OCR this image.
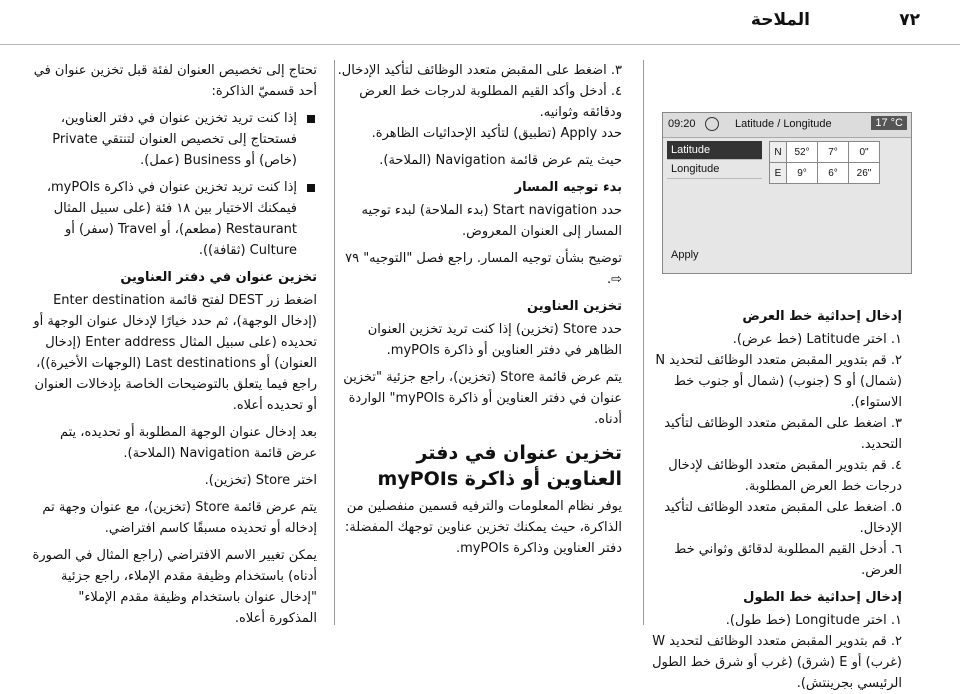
الملاحة	٧٢
09:20	Latitude / Longitude	17 °C
Latitude
Longitude
N	52°	7°	0"
E	9°	6°	26"
Apply
إدخال إحداثية خط العرض
١. اختر Latitude (خط عرض).
٢. قم بتدوير المقبض متعدد الوظائف لتحديد N (شمال) أو S (جنوب) (شمال أو جنوب خط الاستواء).
٣. اضغط على المقبض متعدد الوظائف لتأكيد التحديد.
٤. قم بتدوير المقبض متعدد الوظائف لإدخال درجات خط العرض المطلوبة.
٥. اضغط على المقبض متعدد الوظائف لتأكيد الإدخال.
٦. أدخل القيم المطلوبة لدقائق وثواني خط العرض.
إدخال إحداثية خط الطول
١. اختر Longitude (خط طول).
٢. قم بتدوير المقبض متعدد الوظائف لتحديد W (غرب) أو E (شرق) (غرب أو شرق خط الطول الرئيسي بجرينتش).
٣. اضغط على المقبض متعدد الوظائف لتأكيد الإدخال.
٤. أدخل وأكد القيم المطلوبة لدرجات خط العرض ودقائقه وثوانيه.

حدد Apply (تطبيق) لتأكيد الإحداثيات الظاهرة.

حيث يتم عرض قائمة Navigation (الملاحة).

بدء توجيه المسار

حدد Start navigation (بدء الملاحة) لبدء توجيه المسار إلى العنوان المعروض.

توضيح بشأن توجيه المسار. راجع فصل "التوجيه" ٧٩ ⇨.

تخزين العناوين

حدد Store (تخزين) إذا كنت تريد تخزين العنوان الظاهر في دفتر العناوين أو ذاكرة myPOIs.

يتم عرض قائمة Store (تخزين)، راجع جزئية "تخزين عنوان في دفتر العناوين أو ذاكرة myPOIs" الواردة أدناه.

تخزين عنوان في دفتر العناوين أو ذاكرة myPOIs

يوفر نظام المعلومات والترفيه قسمين منفصلين من الذاكرة، حيث يمكنك تخزين عناوين توجهك المفضلة: دفتر العناوين وذاكرة myPOIs.

تحتاج إلى تخصيص العنوان لفئة قبل تخزين عنوان في أحد قسميّ الذاكرة:

إذا كنت تريد تخزين عنوان في دفتر العناوين، فستحتاج إلى تخصيص العنوان لتنتقي Private (خاص) أو Business (عمل).
إذا كنت تريد تخزين عنوان في ذاكرة myPOIs، فيمكنك الاختيار بين ١٨ فئة (على سبيل المثال Restaurant (مطعم)، أو Travel (سفر) أو Culture (ثقافة)).
تخزين عنوان في دفتر العناوين

اضغط زر DEST لفتح قائمة Enter destination (إدخال الوجهة)، ثم حدد خيارًا لإدخال عنوان الوجهة أو تحديده (على سبيل المثال Enter address (إدخال العنوان) أو Last destinations (الوجهات الأخيرة))، راجع فيما يتعلق بالتوضيحات الخاصة بإدخالات العنوان أو تحديده أعلاه.

بعد إدخال عنوان الوجهة المطلوبة أو تحديده، يتم عرض قائمة Navigation (الملاحة).

اختر Store (تخزين).

يتم عرض قائمة Store (تخزين)، مع عنوان وجهة تم إدخاله أو تحديده مسبقًا كاسم افتراضي.

يمكن تغيير الاسم الافتراضي (راجع المثال في الصورة أدناه) باستخدام وظيفة مقدم الإملاء، راجع جزئية "إدخال عنوان باستخدام وظيفة مقدم الإملاء" المذكورة أعلاه.
